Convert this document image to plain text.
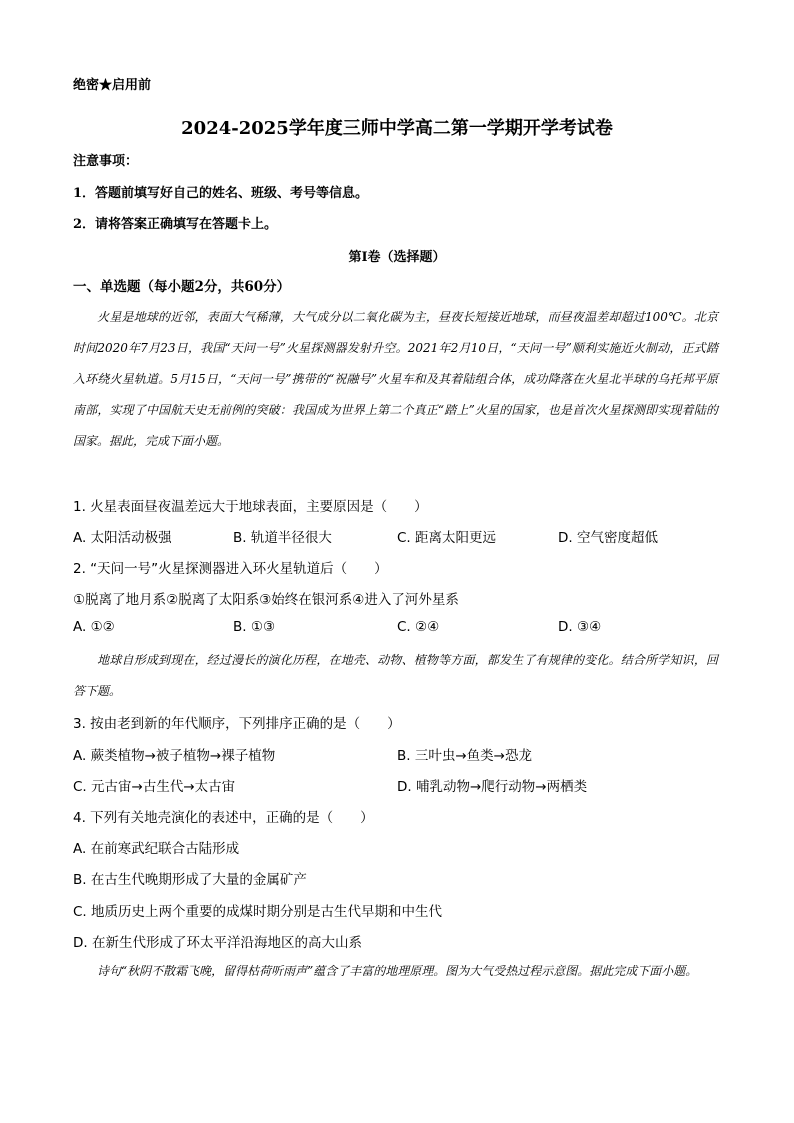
绝密★启用前
2024-2025学年度三师中学高二第一学期开学考试卷
注意事项：
1．答题前填写好自己的姓名、班级、考号等信息。
2．请将答案正确填写在答题卡上。
第I卷（选择题）
一、单选题（每小题2分，共60分）
火星是地球的近邻，表面大气稀薄，大气成分以二氧化碳为主，昼夜长短接近地球，而昼夜温差却超过100℃。北京时间2020年7月23日，我国“天问一号”火星探测器发射升空。2021年2月10日，“天问一号”顺利实施近火制动，正式踏入环绕火星轨道。5月15日，“天问一号”携带的“祝融号”火星车和及其着陆组合体，成功降落在火星北半球的乌托邦平原南部，实现了中国航天史无前例的突破：我国成为世界上第二个真正“踏上”火星的国家，也是首次火星探测即实现着陆的国家。据此，完成下面小题。
1. 火星表面昼夜温差远大于地球表面，主要原因是（　　）
A. 太阳活动极强	B. 轨道半径很大	C. 距离太阳更远	D. 空气密度超低
2. “天问一号”火星探测器进入环火星轨道后（　　）
①脱离了地月系②脱离了太阳系③始终在银河系④进入了河外星系
A. ①②	B. ①③	C. ②④	D. ③④
地球自形成到现在，经过漫长的演化历程，在地壳、动物、植物等方面，都发生了有规律的变化。结合所学知识，回答下题。
3. 按由老到新的年代顺序，下列排序正确的是（　　）
A. 蕨类植物→被子植物→裸子植物	B. 三叶虫→鱼类→恐龙
C. 元古宙→古生代→太古宙	D. 哺乳动物→爬行动物→两栖类
4. 下列有关地壳演化的表述中，正确的是（　　）
A. 在前寒武纪联合古陆形成
B. 在古生代晚期形成了大量的金属矿产
C. 地质历史上两个重要的成煤时期分别是古生代早期和中生代
D. 在新生代形成了环太平洋沿海地区的高大山系
诗句“秋阴不散霜飞晚，留得枯荷听雨声”蕴含了丰富的地理原理。图为大气受热过程示意图。据此完成下面小题。
